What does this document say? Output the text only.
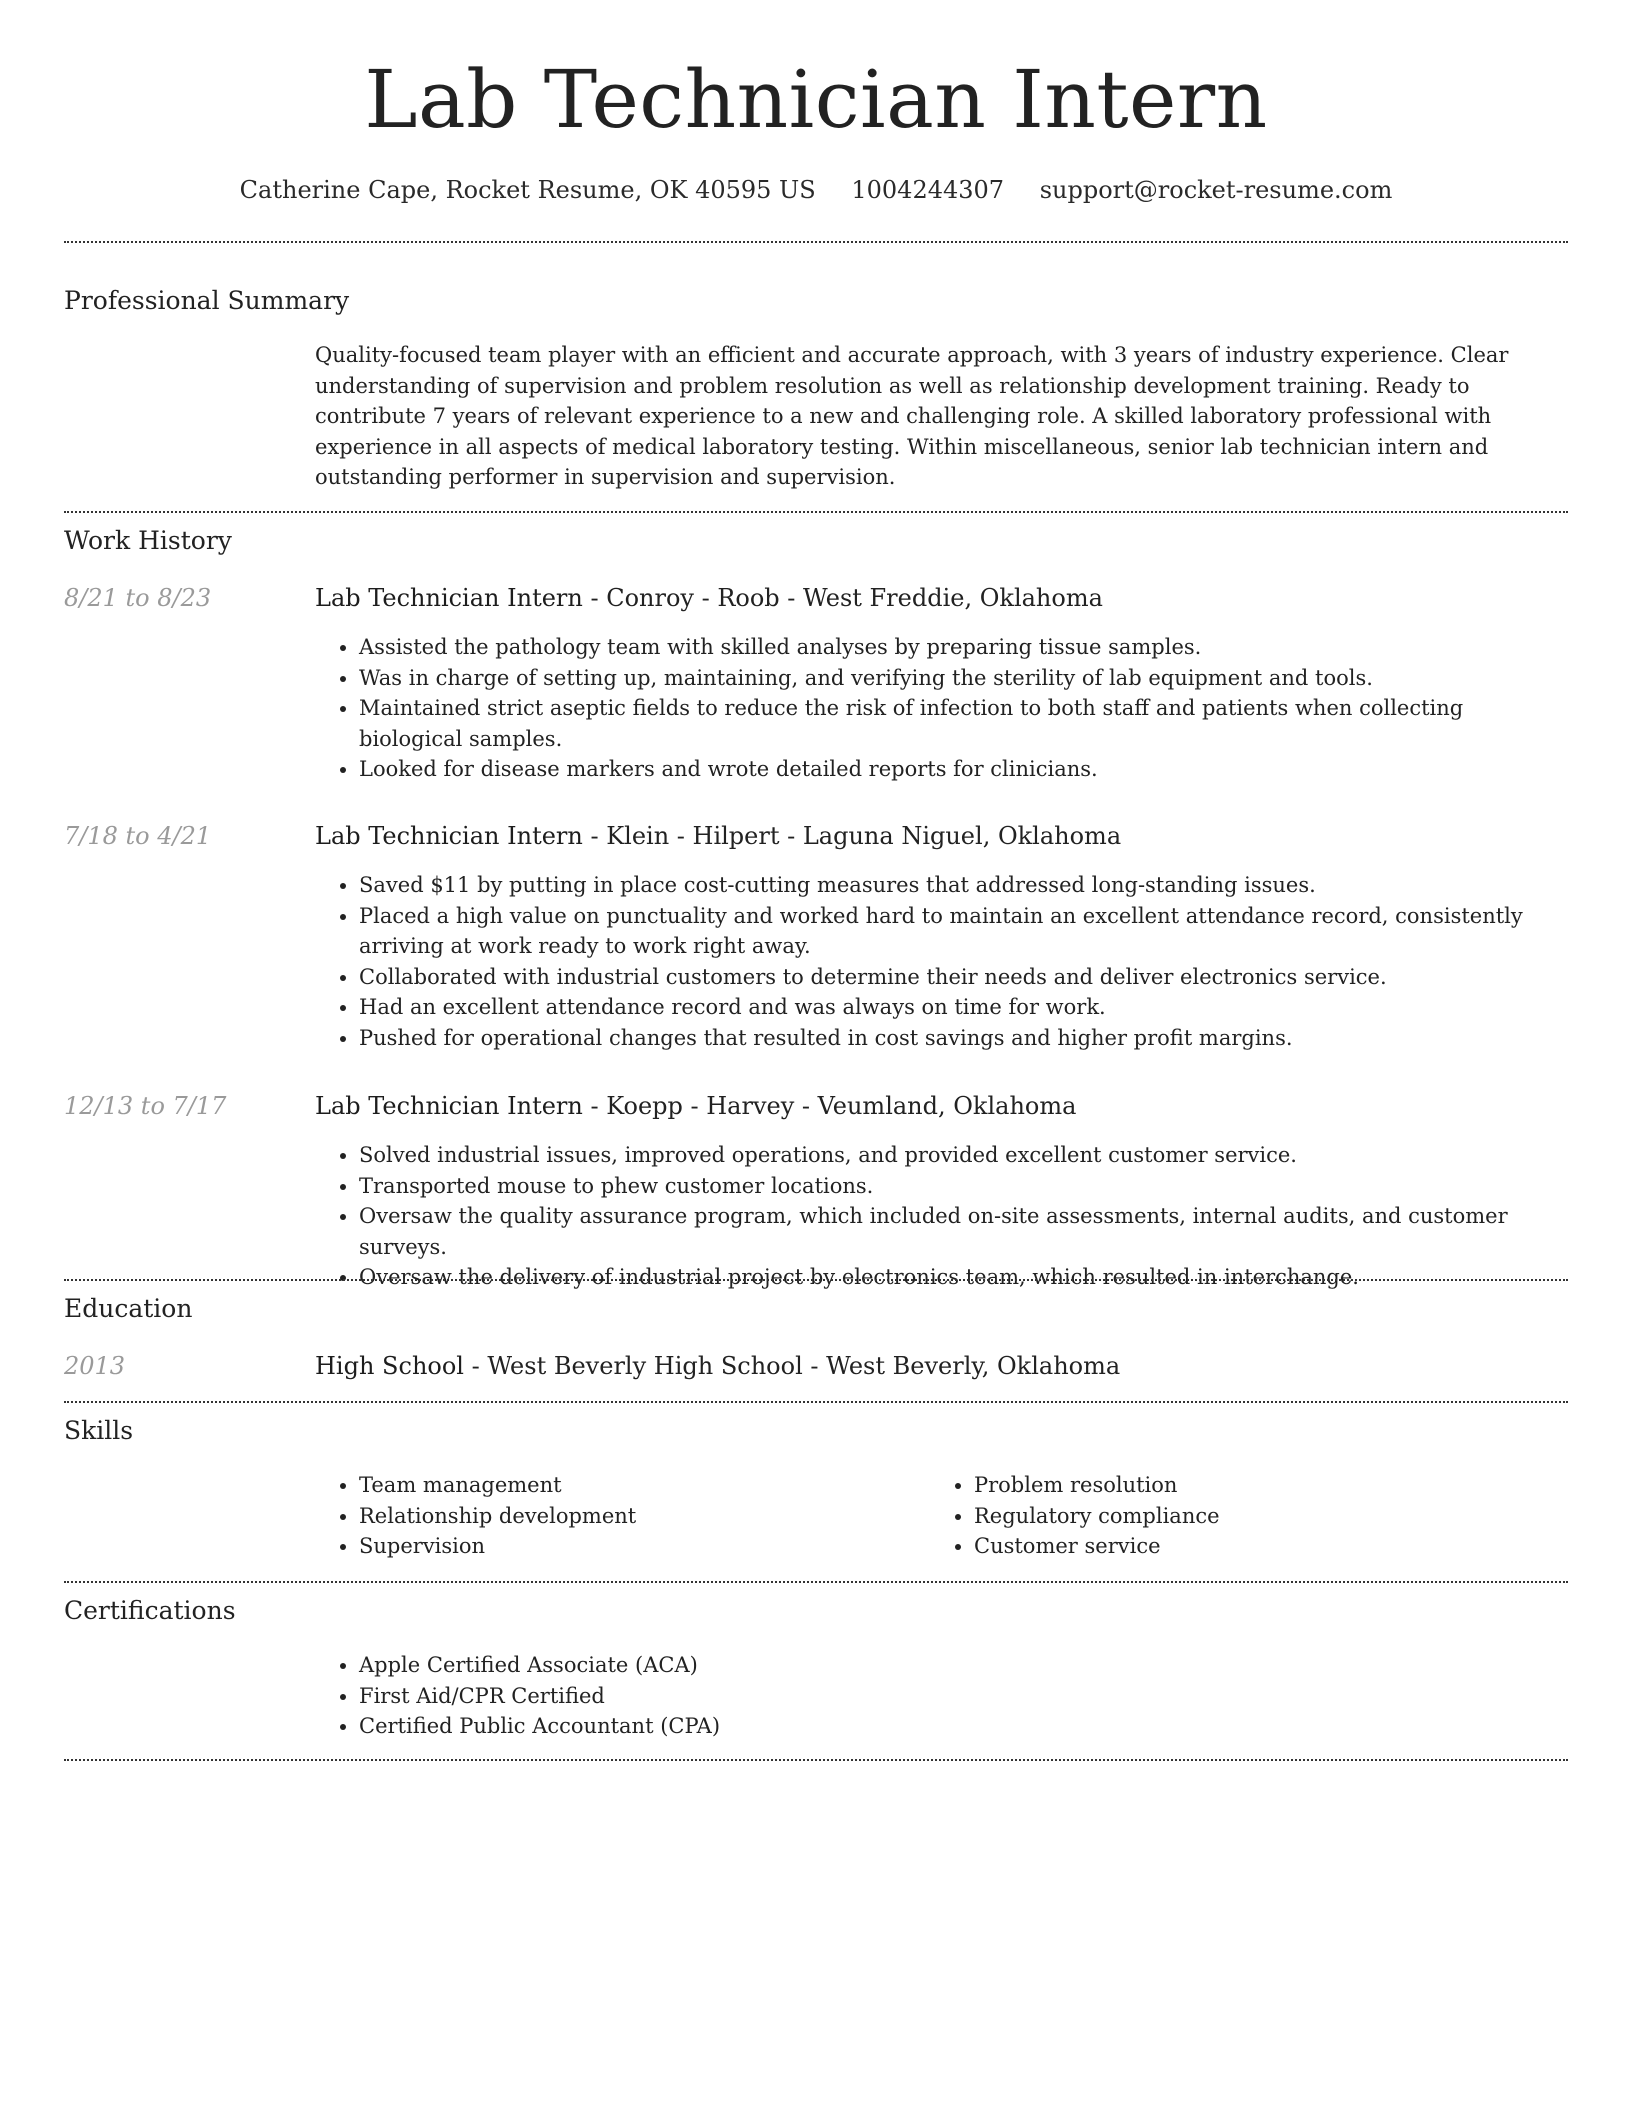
Lab Technician Intern
Catherine Cape, Rocket Resume, OK 40595 US 1004244307 support@rocket-resume.com
Professional Summary

Quality-focused team player with an efficient and accurate approach, with 3 years of industry experience. Clear understanding of supervision and problem resolution as well as relationship development training. Ready to contribute 7 years of relevant experience to a new and challenging role. A skilled laboratory professional with experience in all aspects of medical laboratory testing. Within miscellaneous, senior lab technician intern and outstanding performer in supervision and supervision.

Work History
8/21 to 8/23	Lab Technician Intern - Conroy - Roob - West Freddie, Oklahoma
• Assisted the pathology team with skilled analyses by preparing tissue samples.
• Was in charge of setting up, maintaining, and verifying the sterility of lab equipment and tools.
• Maintained strict aseptic fields to reduce the risk of infection to both staff and patients when collecting biological samples.
• Looked for disease markers and wrote detailed reports for clinicians.
7/18 to 4/21	Lab Technician Intern - Klein - Hilpert - Laguna Niguel, Oklahoma
• Saved $11 by putting in place cost-cutting measures that addressed long-standing issues.
• Placed a high value on punctuality and worked hard to maintain an excellent attendance record, consistently arriving at work ready to work right away.
• Collaborated with industrial customers to determine their needs and deliver electronics service.
• Had an excellent attendance record and was always on time for work.
• Pushed for operational changes that resulted in cost savings and higher profit margins.
12/13 to 7/17	Lab Technician Intern - Koepp - Harvey - Veumland, Oklahoma
• Solved industrial issues, improved operations, and provided excellent customer service.
• Transported mouse to phew customer locations.
• Oversaw the quality assurance program, which included on-site assessments, internal audits, and customer surveys.
• Oversaw the delivery of industrial project by electronics team, which resulted in interchange.
Education
2013	High School - West Beverly High School - West Beverly, Oklahoma
Skills
• Team management
• Relationship development
• Supervision
• Problem resolution
• Regulatory compliance
• Customer service
Certifications
• Apple Certified Associate (ACA)
• First Aid/CPR Certified
• Certified Public Accountant (CPA)
